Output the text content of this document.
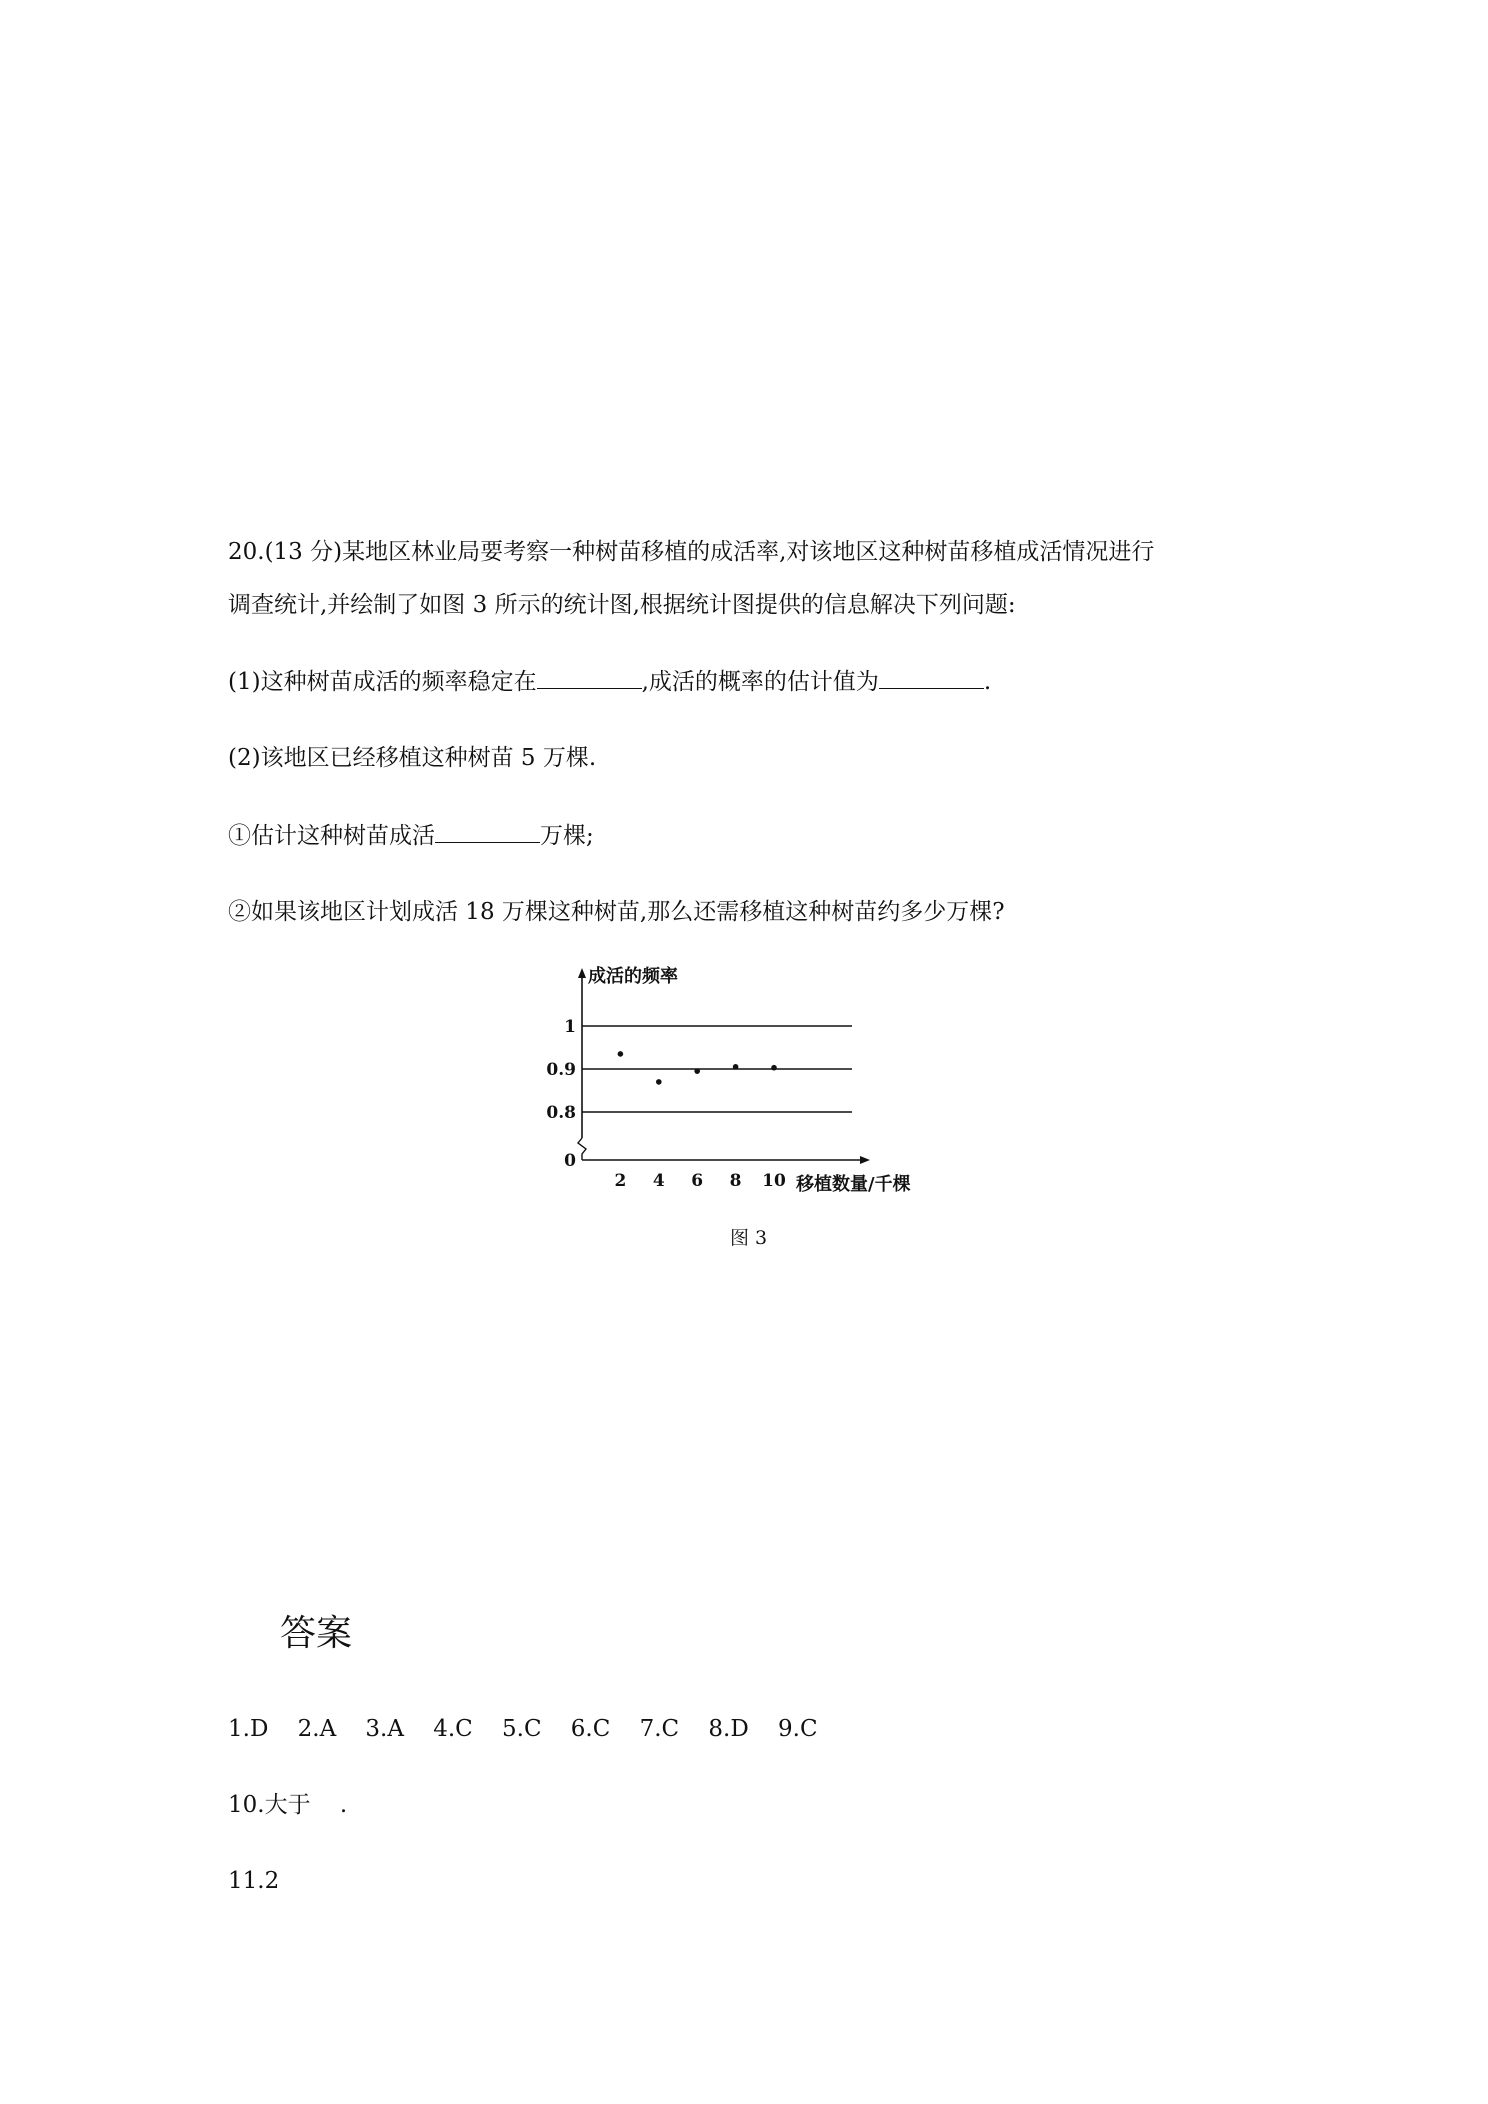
20.(13 分)某地区林业局要考察一种树苗移植的成活率,对该地区这种树苗移植成活情况进行
调查统计,并绘制了如图 3 所示的统计图,根据统计图提供的信息解决下列问题:
(1)这种树苗成活的频率稳定在	,成活的概率的估计值为	.
(2)该地区已经移植这种树苗 5 万棵.
①估计这种树苗成活	万棵;
②如果该地区计划成活 18 万棵这种树苗,那么还需移植这种树苗约多少万棵?
1
0.9
0.8
0
2 4 6 8 10
成活的频率
移植数量/千棵
图 3
答案
1.D    2.A    3.A    4.C    5.C    6.C    7.C    8.D    9.C
10.大于    .
11.2
